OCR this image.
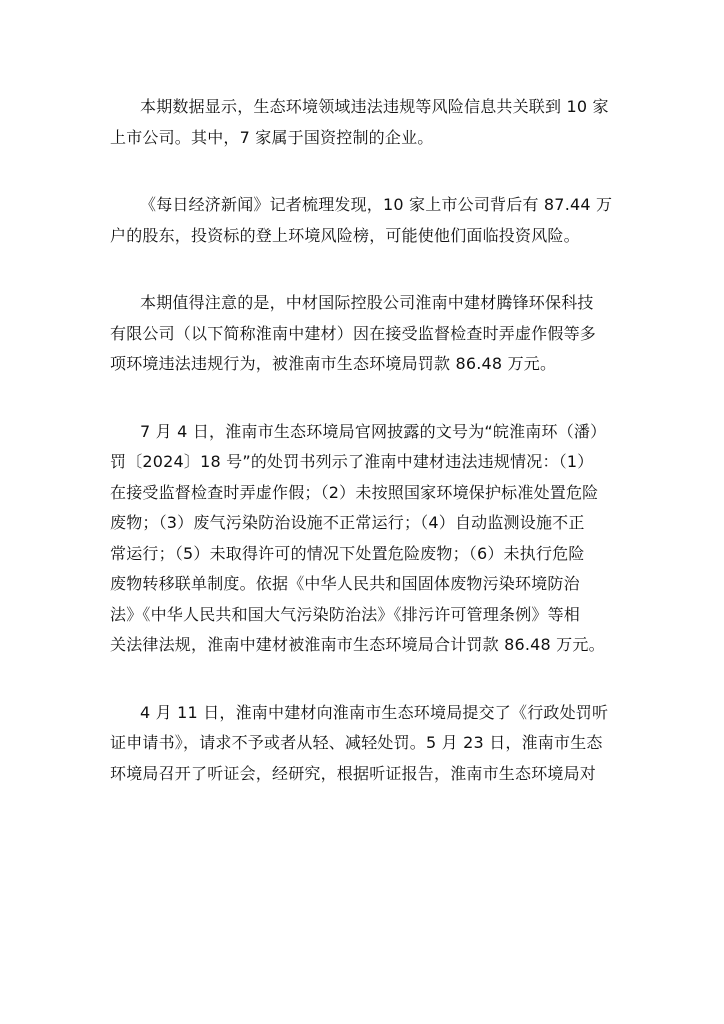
本期数据显示，生态环境领域违法违规等风险信息共关联到 10 家
上市公司。其中，7 家属于国资控制的企业。

《每日经济新闻》记者梳理发现，10 家上市公司背后有 87.44 万
户的股东，投资标的登上环境风险榜，可能使他们面临投资风险。

本期值得注意的是，中材国际控股公司淮南中建材腾锋环保科技
有限公司（以下简称淮南中建材）因在接受监督检查时弄虚作假等多
项环境违法违规行为，被淮南市生态环境局罚款 86.48 万元。

7 月 4 日，淮南市生态环境局官网披露的文号为“皖淮南环（潘）
罚〔2024〕18 号”的处罚书列示了淮南中建材违法违规情况：（1）
在接受监督检查时弄虚作假；（2）未按照国家环境保护标准处置危险
废物；（3）废气污染防治设施不正常运行；（4）自动监测设施不正
常运行；（5）未取得许可的情况下处置危险废物；（6）未执行危险
废物转移联单制度。依据《中华人民共和国固体废物污染环境防治
法》《中华人民共和国大气污染防治法》《排污许可管理条例》等相
关法律法规，淮南中建材被淮南市生态环境局合计罚款 86.48 万元。

4 月 11 日，淮南中建材向淮南市生态环境局提交了《行政处罚听
证申请书》，请求不予或者从轻、减轻处罚。5 月 23 日，淮南市生态
环境局召开了听证会，经研究，根据听证报告，淮南市生态环境局对
